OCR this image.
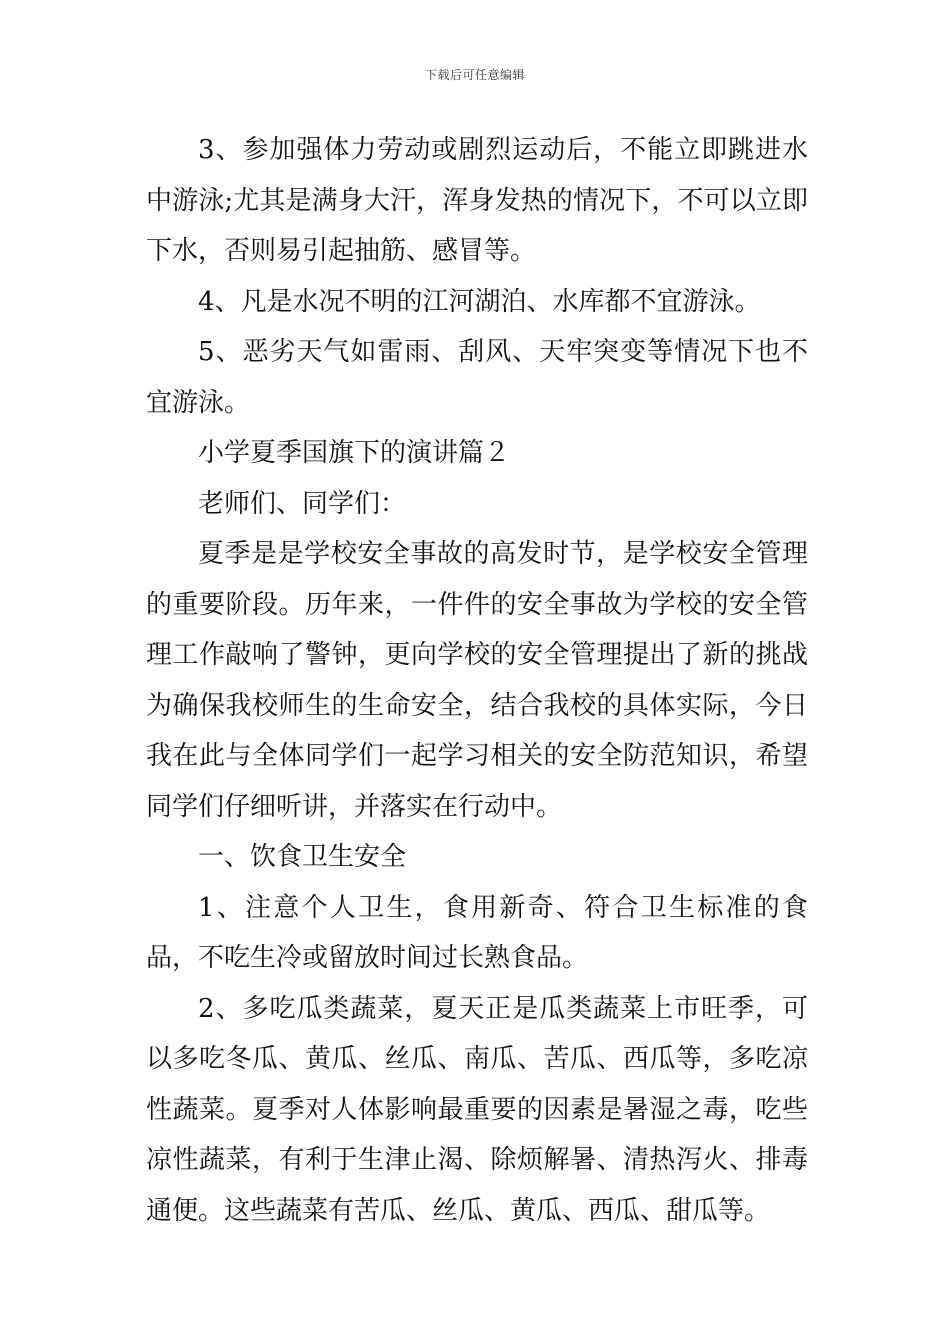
下载后可任意编辑

3、参加强体力劳动或剧烈运动后，不能立即跳进水中游泳;尤其是满身大汗，浑身发热的情况下，不可以立即下水，否则易引起抽筋、感冒等。

4、凡是水况不明的江河湖泊、水库都不宜游泳。

5、恶劣天气如雷雨、刮风、天牢突变等情况下也不宜游泳。

小学夏季国旗下的演讲篇２

老师们、同学们：

夏季是是学校安全事故的高发时节，是学校安全管理的重要阶段。历年来，一件件的安全事故为学校的安全管理工作敲响了警钟，更向学校的安全管理提出了新的挑战为确保我校师生的生命安全，结合我校的具体实际，今日我在此与全体同学们一起学习相关的安全防范知识，希望同学们仔细听讲，并落实在行动中。

一、饮食卫生安全

1、注意个人卫生，食用新奇、符合卫生标准的食品，不吃生冷或留放时间过长熟食品。

2、多吃瓜类蔬菜，夏天正是瓜类蔬菜上市旺季，可以多吃冬瓜、黄瓜、丝瓜、南瓜、苦瓜、西瓜等，多吃凉性蔬菜。夏季对人体影响最重要的因素是暑湿之毒，吃些凉性蔬菜，有利于生津止渴、除烦解暑、清热泻火、排毒通便。这些蔬菜有苦瓜、丝瓜、黄瓜、西瓜、甜瓜等。
